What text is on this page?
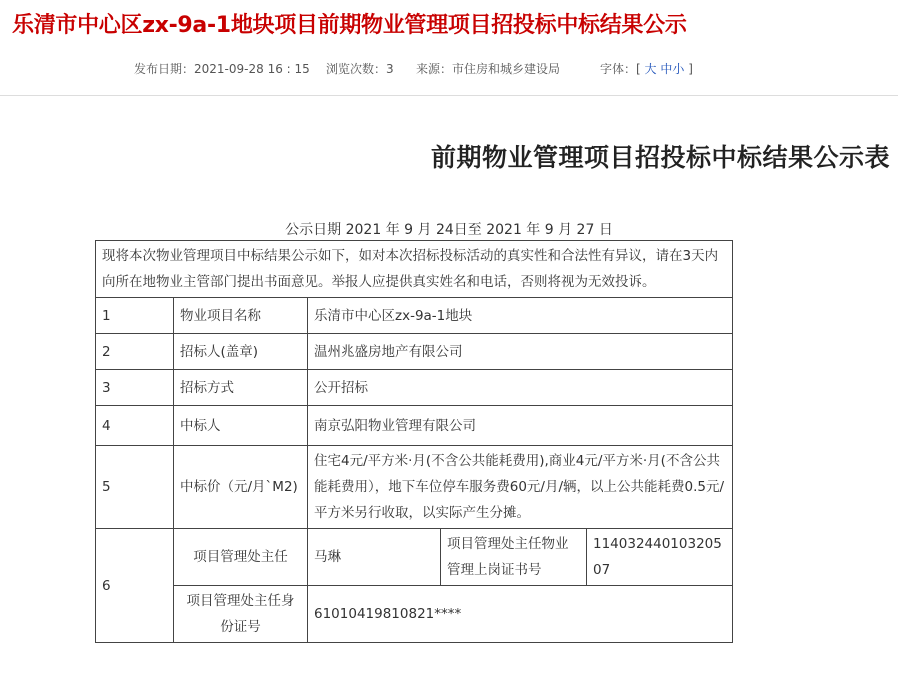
乐清市中心区zx-9a-1地块项目前期物业管理项目招投标中标结果公示
发布日期：2021-09-28 16 : 15 浏览次数：3 来源：市住房和城乡建设局	字体：[ 大 中小 ]
前期物业管理项目招投标中标结果公示表
公示日期 2021 年 9 月 24日至 2021 年 9 月 27 日
现将本次物业管理项目中标结果公示如下，如对本次招标投标活动的真实性和合法性有异议，请在3天内向所在地物业主管部门提出书面意见。举报人应提供真实姓名和电话，否则将视为无效投诉。				
1	物业项目名称	乐清市中心区zx-9a-1地块		
2	招标人(盖章)	温州兆盛房地产有限公司		
3	招标方式	公开招标		
4	中标人	南京弘阳物业管理有限公司		
5	中标价（元/月`M2)	住宅4元/平方米·月(不含公共能耗费用),商业4元/平方米·月(不含公共能耗费用），地下车位停车服务费60元/月/辆，以上公共能耗费0.5元/平方米另行收取，以实际产生分摊。		
6	项目管理处主任	马琳	项目管理处主任物业管理上岗证书号	11403244010320507
	项目管理处主任身份证号	61010419810821****		
